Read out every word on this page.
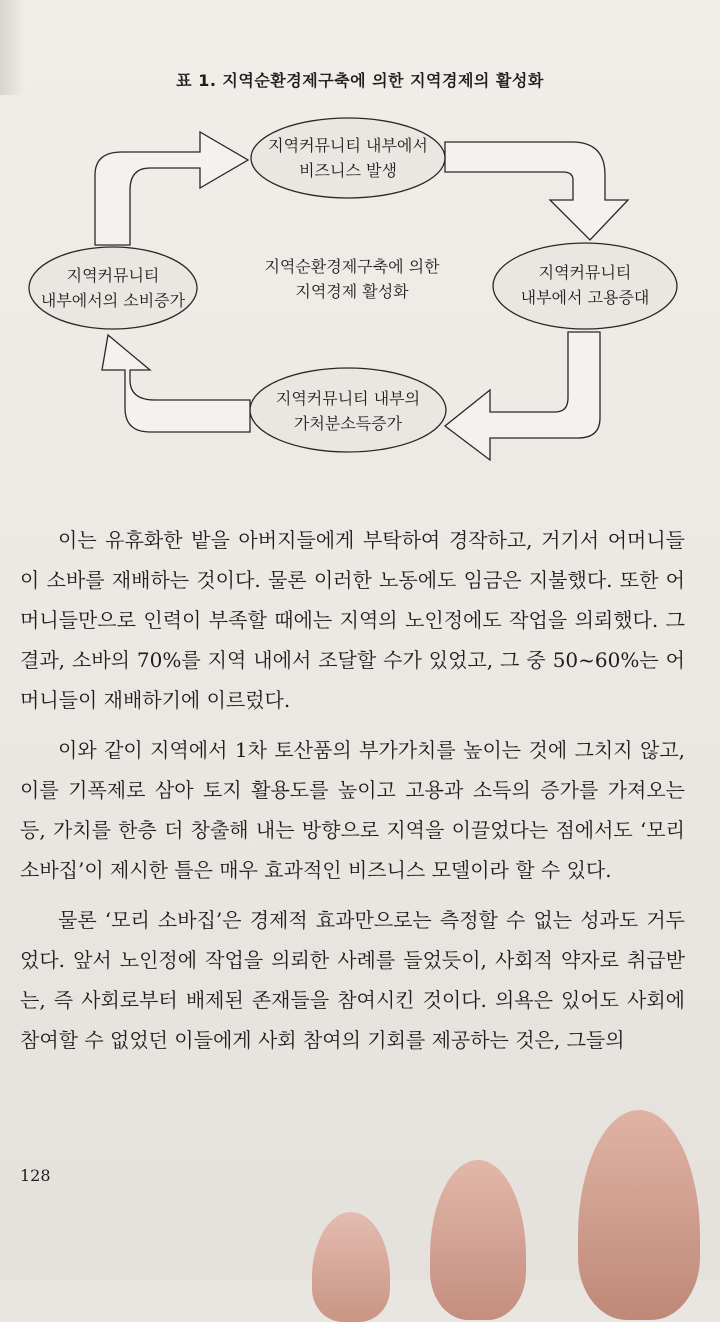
표 1. 지역순환경제구축에 의한 지역경제의 활성화
지역커뮤니티 내부에서
비즈니스 발생
지역커뮤니티
내부에서 고용증대
지역커뮤니티 내부의
가처분소득증가
지역커뮤니티
내부에서의 소비증가
지역순환경제구축에 의한
지역경제 활성화

이는 유휴화한 밭을 아버지들에게 부탁하여 경작하고, 거기서 어머니들이 소바를 재배하는 것이다. 물론 이러한 노동에도 임금은 지불했다. 또한 어머니들만으로 인력이 부족할 때에는 지역의 노인정에도 작업을 의뢰했다. 그 결과, 소바의 70%를 지역 내에서 조달할 수가 있었고, 그 중 50~60%는 어머니들이 재배하기에 이르렀다.

이와 같이 지역에서 1차 토산품의 부가가치를 높이는 것에 그치지 않고, 이를 기폭제로 삼아 토지 활용도를 높이고 고용과 소득의 증가를 가져오는 등, 가치를 한층 더 창출해 내는 방향으로 지역을 이끌었다는 점에서도 ‘모리 소바집’이 제시한 틀은 매우 효과적인 비즈니스 모델이라 할 수 있다.

물론 ‘모리 소바집’은 경제적 효과만으로는 측정할 수 없는 성과도 거두었다. 앞서 노인정에 작업을 의뢰한 사례를 들었듯이, 사회적 약자로 취급받는, 즉 사회로부터 배제된 존재들을 참여시킨 것이다. 의욕은 있어도 사회에 참여할 수 없었던 이들에게 사회 참여의 기회를 제공하는 것은, 그들의

128
